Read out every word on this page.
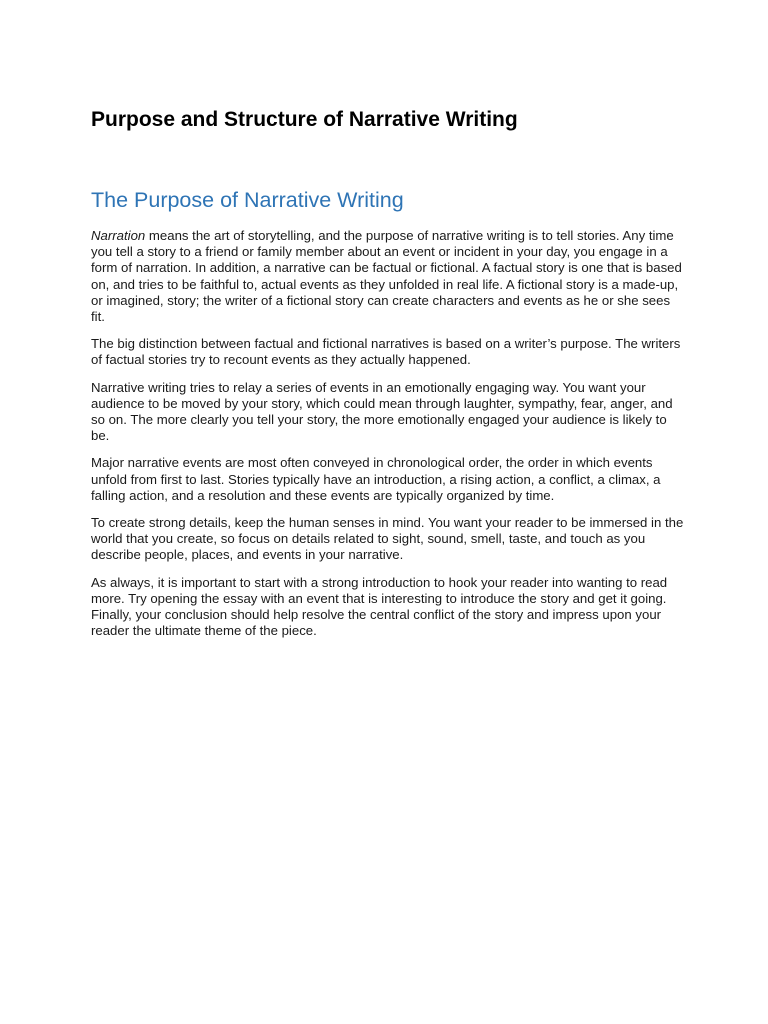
Purpose and Structure of Narrative Writing
The Purpose of Narrative Writing

Narration means the art of storytelling, and the purpose of narrative writing is to tell stories. Any time you tell a story to a friend or family member about an event or incident in your day, you engage in a form of narration. In addition, a narrative can be factual or fictional. A factual story is one that is based on, and tries to be faithful to, actual events as they unfolded in real life. A fictional story is a made-up, or imagined, story; the writer of a fictional story can create characters and events as he or she sees fit.

The big distinction between factual and fictional narratives is based on a writer’s purpose. The writers of factual stories try to recount events as they actually happened.

Narrative writing tries to relay a series of events in an emotionally engaging way. You want your audience to be moved by your story, which could mean through laughter, sympathy, fear, anger, and so on. The more clearly you tell your story, the more emotionally engaged your audience is likely to be.

Major narrative events are most often conveyed in chronological order, the order in which events unfold from first to last. Stories typically have an introduction, a rising action, a conflict, a climax, a falling action, and a resolution and these events are typically organized by time.

To create strong details, keep the human senses in mind. You want your reader to be immersed in the world that you create, so focus on details related to sight, sound, smell, taste, and touch as you describe people, places, and events in your narrative.

As always, it is important to start with a strong introduction to hook your reader into wanting to read more. Try opening the essay with an event that is interesting to introduce the story and get it going. Finally, your conclusion should help resolve the central conflict of the story and impress upon your reader the ultimate theme of the piece.
